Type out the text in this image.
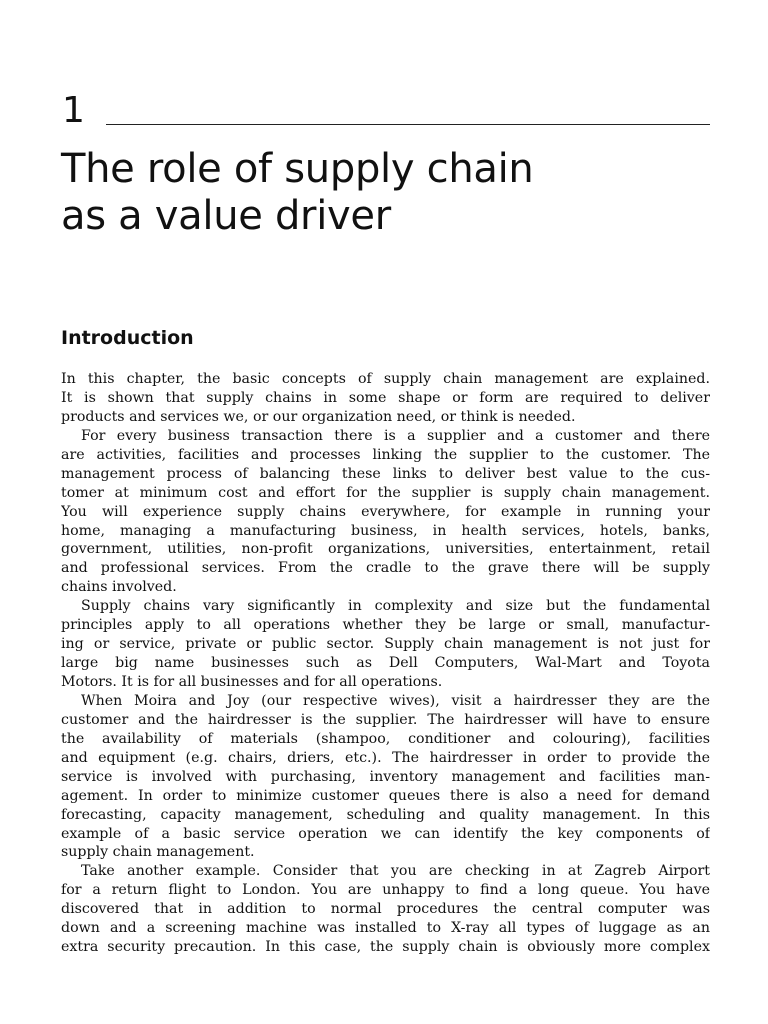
1
The role of supply chain
as a value driver
Introduction
In this chapter, the basic concepts of supply chain management are explained.
It is shown that supply chains in some shape or form are required to deliver
products and services we, or our organization need, or think is needed.
For every business transaction there is a supplier and a customer and there
are activities, facilities and processes linking the supplier to the customer. The
management process of balancing these links to deliver best value to the cus-
tomer at minimum cost and effort for the supplier is supply chain management.
You will experience supply chains everywhere, for example in running your
home, managing a manufacturing business, in health services, hotels, banks,
government, utilities, non-profit organizations, universities, entertainment, retail
and professional services. From the cradle to the grave there will be supply
chains involved.
Supply chains vary significantly in complexity and size but the fundamental
principles apply to all operations whether they be large or small, manufactur-
ing or service, private or public sector. Supply chain management is not just for
large big name businesses such as Dell Computers, Wal-Mart and Toyota
Motors. It is for all businesses and for all operations.
When Moira and Joy (our respective wives), visit a hairdresser they are the
customer and the hairdresser is the supplier. The hairdresser will have to ensure
the availability of materials (shampoo, conditioner and colouring), facilities
and equipment (e.g. chairs, driers, etc.). The hairdresser in order to provide the
service is involved with purchasing, inventory management and facilities man-
agement. In order to minimize customer queues there is also a need for demand
forecasting, capacity management, scheduling and quality management. In this
example of a basic service operation we can identify the key components of
supply chain management.
Take another example. Consider that you are checking in at Zagreb Airport
for a return flight to London. You are unhappy to find a long queue. You have
discovered that in addition to normal procedures the central computer was
down and a screening machine was installed to X-ray all types of luggage as an
extra security precaution. In this case, the supply chain is obviously more complex
